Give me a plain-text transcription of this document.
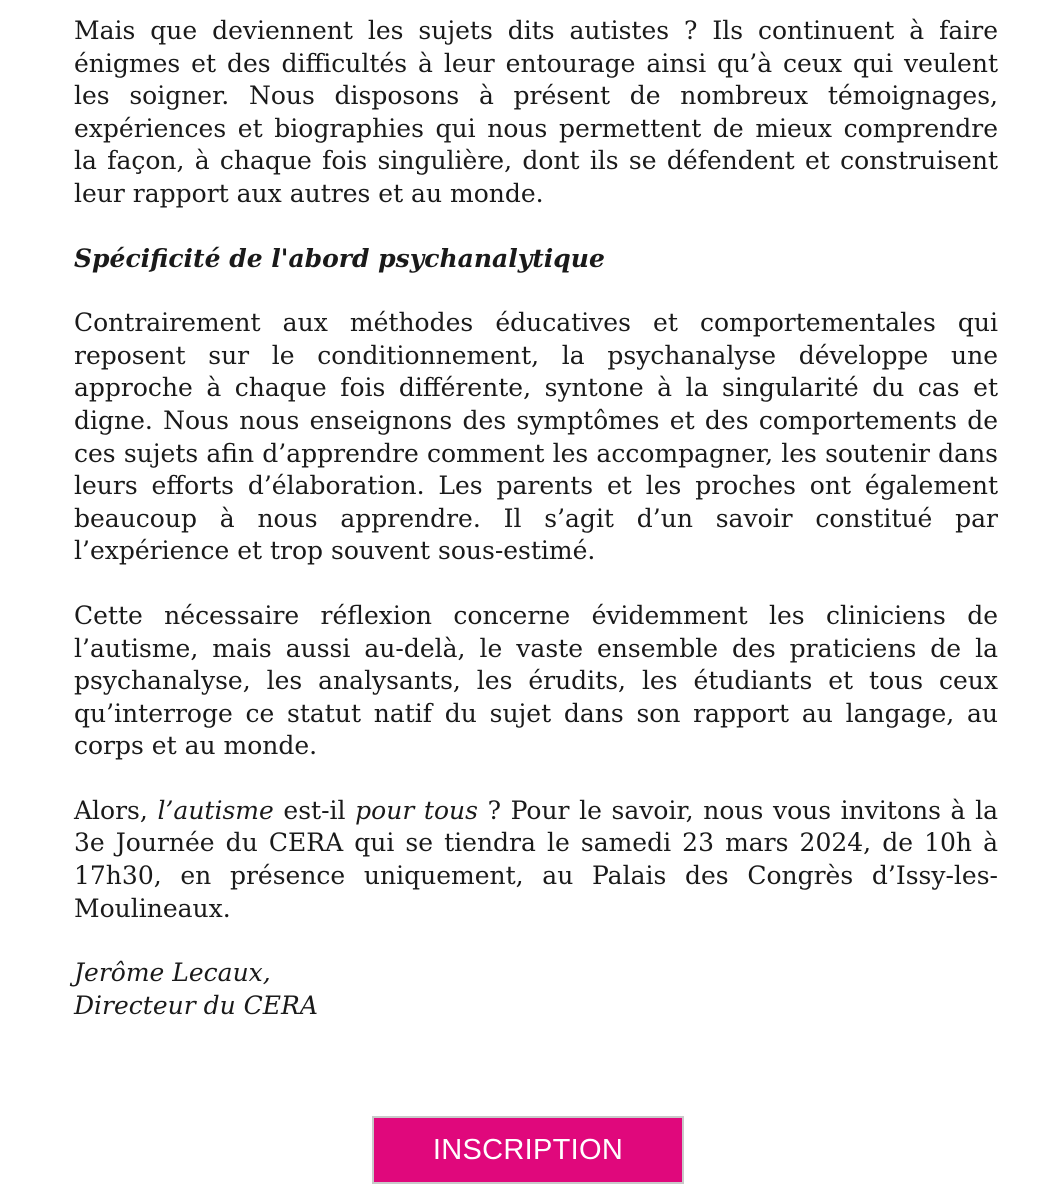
Mais que deviennent les sujets dits autistes ? Ils continuent à faire énigmes et des difficultés à leur entourage ainsi qu’à ceux qui veulent les soigner. Nous disposons à présent de nombreux témoignages, expériences et biographies qui nous permettent de mieux comprendre la façon, à chaque fois singulière, dont ils se défendent et construisent leur rapport aux autres et au monde.

Spécificité de l'abord psychanalytique

Contrairement aux méthodes éducatives et comportementales qui reposent sur le conditionnement, la psychanalyse développe une approche à chaque fois différente, syntone à la singularité du cas et digne. Nous nous enseignons des symptômes et des comportements de ces sujets afin d’apprendre comment les accompagner, les soutenir dans leurs efforts d’élaboration. Les parents et les proches ont également beaucoup à nous apprendre. Il s’agit d’un savoir constitué par l’expérience et trop souvent sous-estimé.

Cette nécessaire réflexion concerne évidemment les cliniciens de l’autisme, mais aussi au-delà, le vaste ensemble des praticiens de la psychanalyse, les analysants, les érudits, les étudiants et tous ceux qu’interroge ce statut natif du sujet dans son rapport au langage, au corps et au monde.

Alors, l’autisme est-il pour tous ? Pour le savoir, nous vous invitons à la 3e Journée du CERA qui se tiendra le samedi 23 mars 2024, de 10h à 17h30, en présence uniquement, au Palais des Congrès d’Issy-les-Moulineaux.

Jerôme Lecaux,
Directeur du CERA

INSCRIPTION
